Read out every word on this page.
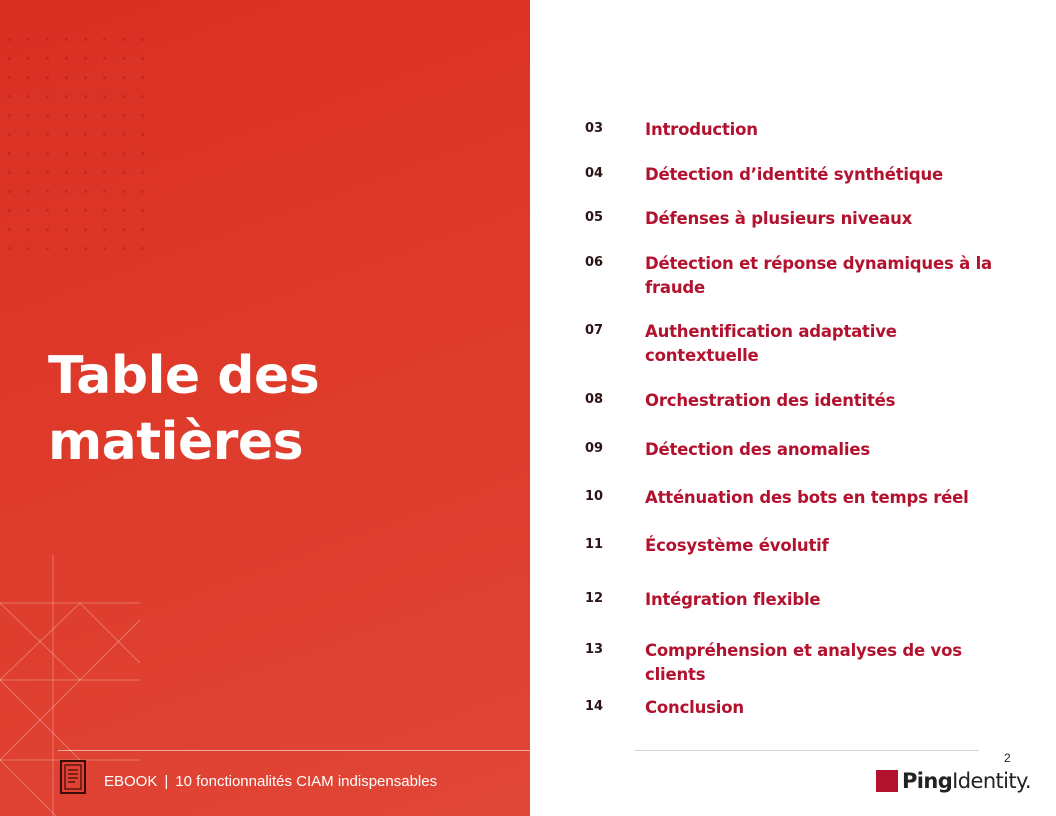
Table des
matières
EBOOK | 10 fonctionnalités CIAM indispensables
03	Introduction
04	Détection d’identité synthétique
05	Défenses à plusieurs niveaux
06	Détection et réponse dynamiques à la fraude
07	Authentification adaptative contextuelle
08	Orchestration des identités
09	Détection des anomalies
10	Atténuation des bots en temps réel
11	Écosystème évolutif
12	Intégration flexible
13	Compréhension et analyses de vos clients
14	Conclusion
2
PingIdentity.
